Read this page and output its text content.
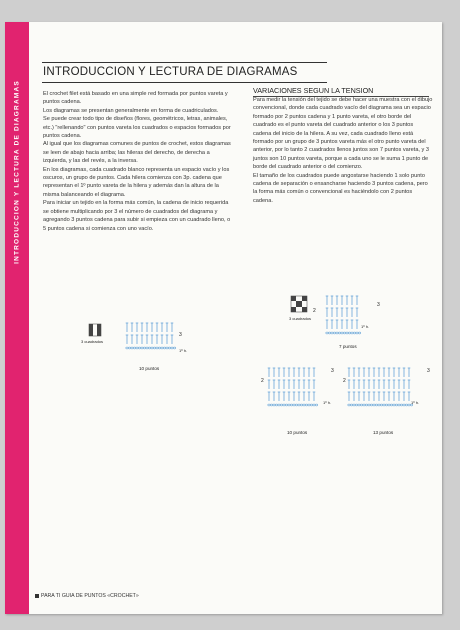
INTRODUCCION Y LECTURA DE DIAGRAMAS
INTRODUCCION Y LECTURA DE DIAGRAMAS

El crochet filet está basado en una simple red formada por puntos vareta y puntos cadena.

Los diagramas se presentan generalmente en forma de cuadriculados.

Se puede crear todo tipo de diseños (flores, geométricos, letras, animales, etc.) "rellenando" con puntos vareta los cuadrados o espacios formados por puntos cadena.

Al igual que los diagramas comunes de puntos de crochet, estos diagramas se leen de abajo hacia arriba; las hileras del derecho, de derecha a izquierda, y las del revés, a la inversa.

En los diagramas, cada cuadrado blanco representa un espacio vacío y los oscuros, un grupo de puntos. Cada hilera comienza con 3p. cadena que representan el 1º punto vareta de la hilera y además dan la altura de la misma balanceando el diagrama.

Para iniciar un tejido en la forma más común, la cadena de inicio requerida se obtiene multiplicando por 3 el número de cuadrados del diagrama y agregando 3 puntos cadena para subir si empieza con un cuadrado lleno, o 5 puntos cadena si comienza con uno vacío.

VARIACIONES SEGUN LA TENSION

Para medir la tensión del tejido se debe hacer una muestra con el dibujo convencional, donde cada cuadrado vacío del diagrama sea un espacio formado por 2 puntos cadena y 1 punto vareta, el otro borde del cuadrado es el punto vareta del cuadrado anterior o los 3 puntos cadena del inicio de la hilera. A su vez, cada cuadrado lleno está formado por un grupo de 3 puntos vareta más el otro punto vareta del anterior, por lo tanto 2 cuadrados llenos juntos son 7 puntos vareta, y 3 juntos son 10 puntos vareta, porque a cada uno se le suma 1 punto de borde del cuadrado anterior o del comienzo.

El tamaño de los cuadrados puede angostarse haciendo 1 solo punto cadena de separación o ensancharse haciendo 3 puntos cadena, pero la forma más común o convencional es haciéndolo con 2 puntos cadena.

3 cuadrados
3
1º h.
10 puntos
3 cuadrados
2
3
1º h.
7 puntos
2
3
1º h.
10 puntos
2
3
1º h.
13 puntos
PARA TI GUIA DE PUNTOS «CROCHET»
